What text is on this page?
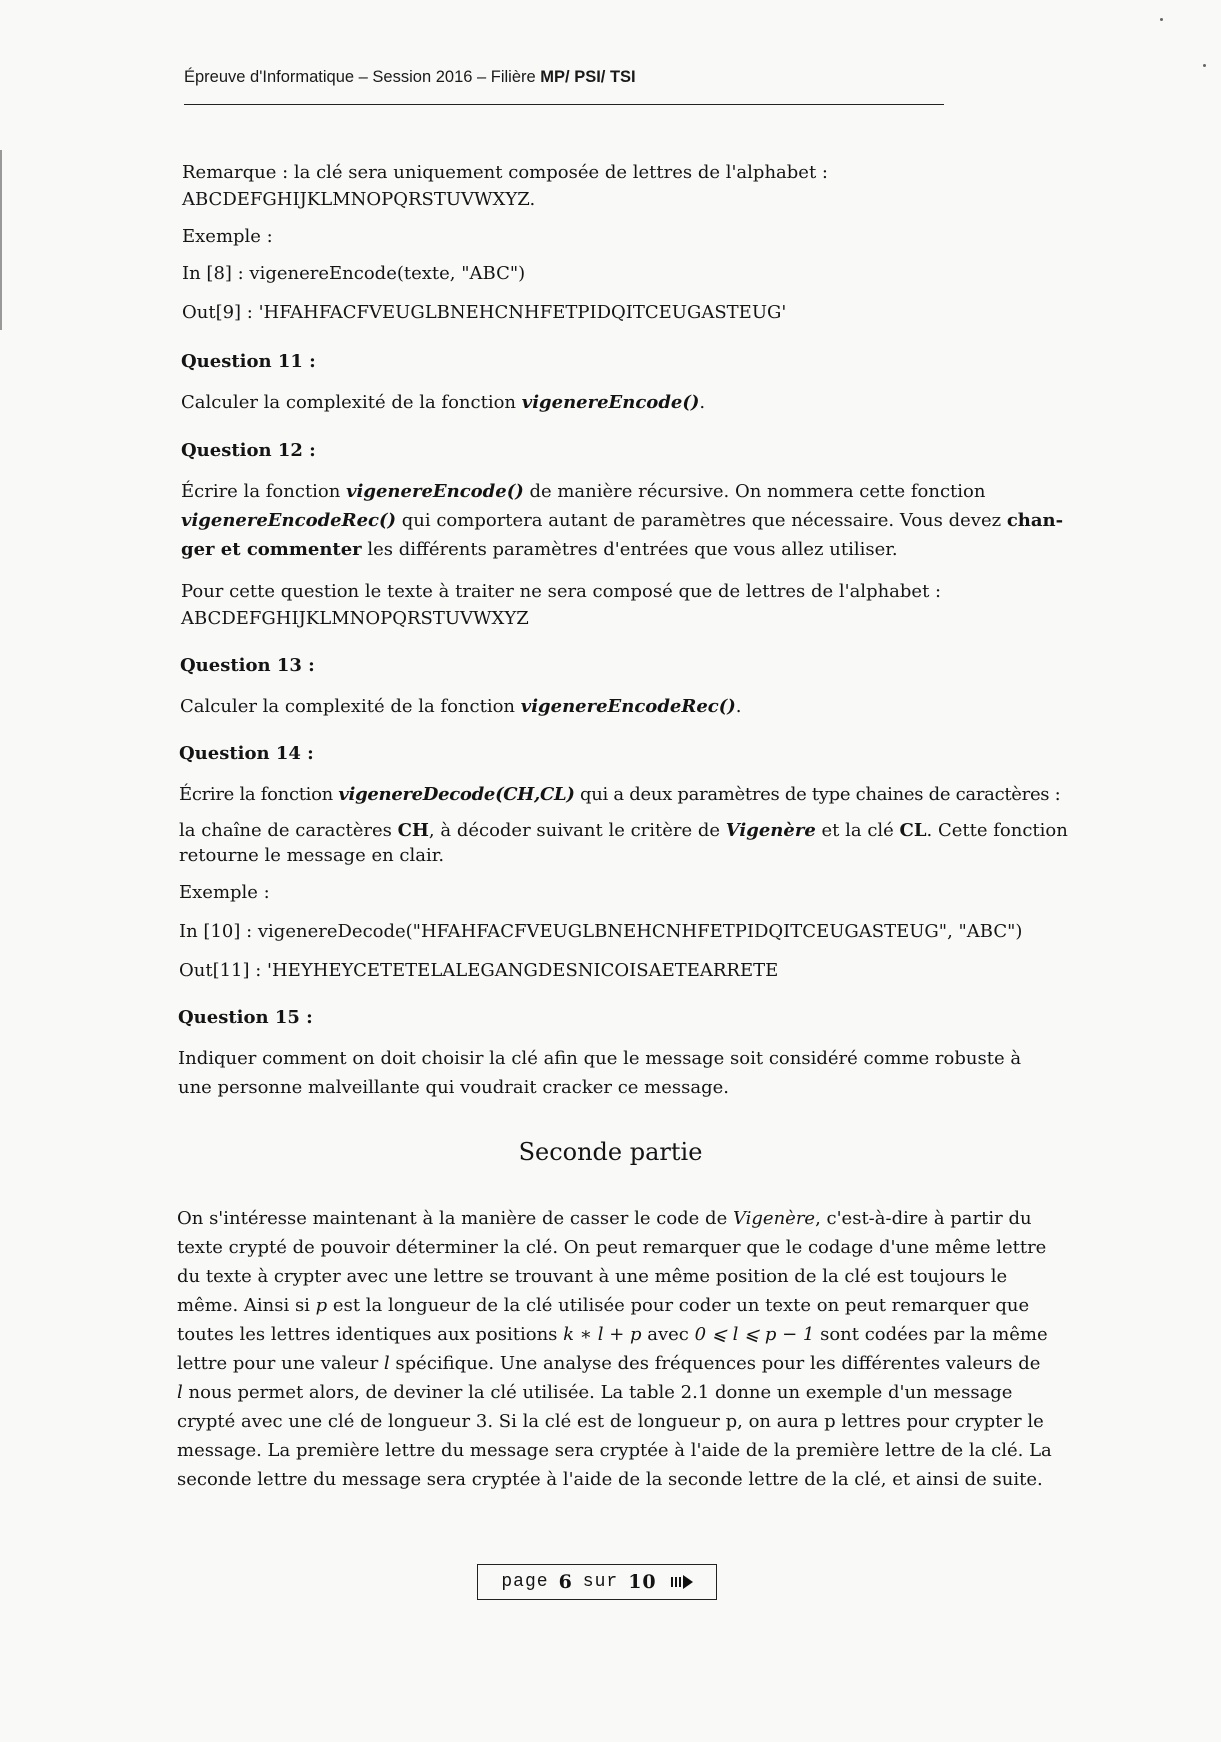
Épreuve d'Informatique – Session 2016 – Filière MP/ PSI/ TSI
Remarque : la clé sera uniquement composée de lettres de l'alphabet :
ABCDEFGHIJKLMNOPQRSTUVWXYZ.
Exemple :
In [8] : vigenereEncode(texte, "ABC")
Out[9] : 'HFAHFACFVEUGLBNEHCNHFETPIDQITCEUGASTEUG'
Question 11 :
Calculer la complexité de la fonction vigenereEncode().
Question 12 :
Écrire la fonction vigenereEncode() de manière récursive. On nommera cette fonction
vigenereEncodeRec() qui comportera autant de paramètres que nécessaire. Vous devez chan-
ger et commenter les différents paramètres d'entrées que vous allez utiliser.
Pour cette question le texte à traiter ne sera composé que de lettres de l'alphabet :
ABCDEFGHIJKLMNOPQRSTUVWXYZ
Question 13 :
Calculer la complexité de la fonction vigenereEncodeRec().
Question 14 :
Écrire la fonction vigenereDecode(CH,CL) qui a deux paramètres de type chaines de caractères :
la chaîne de caractères CH, à décoder suivant le critère de Vigenère et la clé CL. Cette fonction
retourne le message en clair.
Exemple :
In [10] : vigenereDecode("HFAHFACFVEUGLBNEHCNHFETPIDQITCEUGASTEUG", "ABC")
Out[11] : 'HEYHEYCETETELALEGANGDESNICOISAETEARRETE
Question 15 :
Indiquer comment on doit choisir la clé afin que le message soit considéré comme robuste à
une personne malveillante qui voudrait cracker ce message.
Seconde partie
On s'intéresse maintenant à la manière de casser le code de Vigenère, c'est-à-dire à partir du
texte crypté de pouvoir déterminer la clé. On peut remarquer que le codage d'une même lettre
du texte à crypter avec une lettre se trouvant à une même position de la clé est toujours le
même. Ainsi si p est la longueur de la clé utilisée pour coder un texte on peut remarquer que
toutes les lettres identiques aux positions k ∗ l + p avec 0 ⩽ l ⩽ p − 1 sont codées par la même
lettre pour une valeur l spécifique. Une analyse des fréquences pour les différentes valeurs de
l nous permet alors, de deviner la clé utilisée. La table 2.1 donne un exemple d'un message
crypté avec une clé de longueur 3. Si la clé est de longueur p, on aura p lettres pour crypter le
message. La première lettre du message sera cryptée à l'aide de la première lettre de la clé. La
seconde lettre du message sera cryptée à l'aide de la seconde lettre de la clé, et ainsi de suite.
page 6 sur 10
